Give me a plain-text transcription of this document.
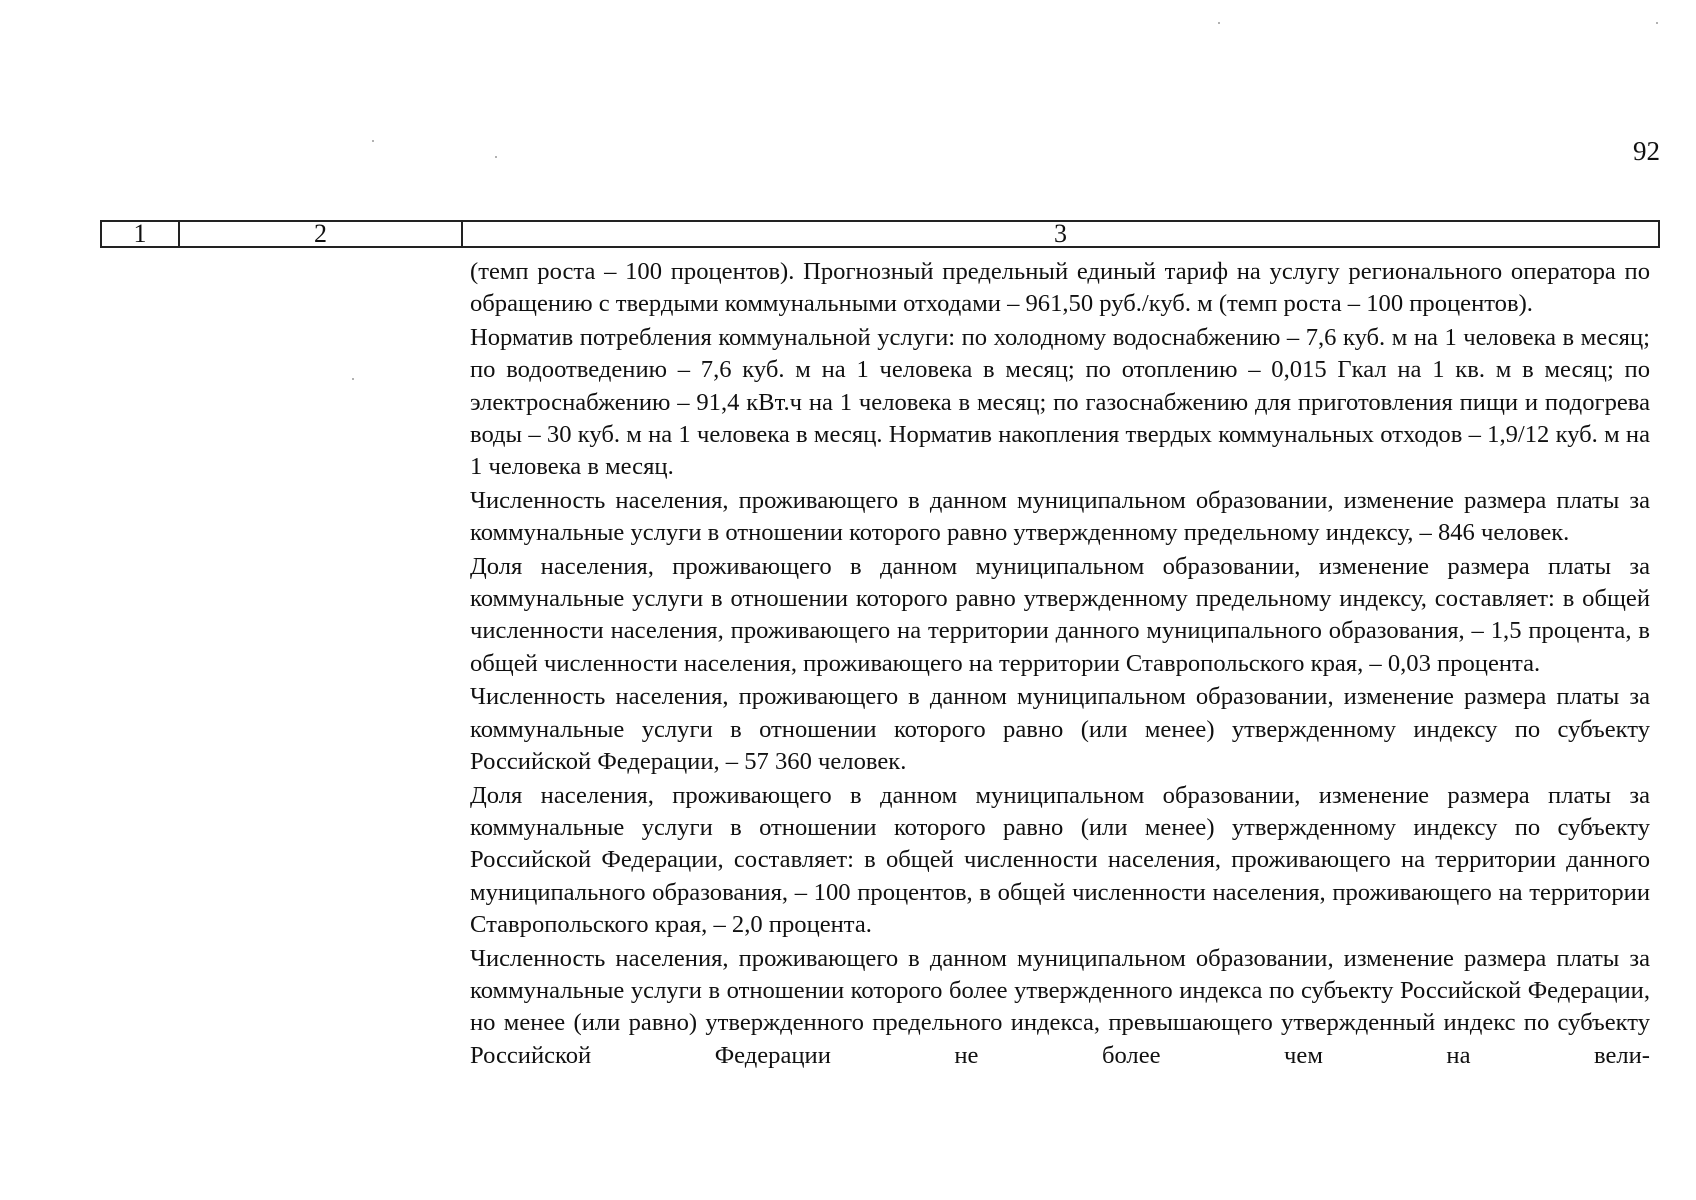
92
1	2	3

(темп роста – 100 процентов). Прогнозный предельный единый тариф на услугу регионального оператора по обращению с твердыми коммунальными отходами – 961,50 руб./куб. м (темп роста – 100 процентов).

Норматив потребления коммунальной услуги: по холодному водоснабжению – 7,6 куб. м на 1 человека в месяц; по водоотведению – 7,6 куб. м на 1 человека в месяц; по отоплению – 0,015 Гкал на 1 кв. м в месяц; по электроснабжению – 91,4 кВт.ч на 1 человека в месяц; по газоснабжению для приготовления пищи и подогрева воды – 30 куб. м на 1 человека в месяц. Норматив накопления твердых коммунальных отходов – 1,9/12 куб. м на 1 человека в месяц.

Численность населения, проживающего в данном муниципальном образовании, изменение размера платы за коммунальные услуги в отношении которого равно утвержденному предельному индексу, – 846 человек.

Доля населения, проживающего в данном муниципальном образовании, изменение размера платы за коммунальные услуги в отношении которого равно утвержденному предельному индексу, составляет: в общей численности населения, проживающего на территории данного муниципального образования, – 1,5 процента, в общей численности населения, проживающего на территории Ставропольского края, – 0,03 процента.

Численность населения, проживающего в данном муниципальном образовании, изменение размера платы за коммунальные услуги в отношении которого равно (или менее) утвержденному индексу по субъекту Российской Федерации, – 57 360 человек.

Доля населения, проживающего в данном муниципальном образовании, изменение размера платы за коммунальные услуги в отношении которого равно (или менее) утвержденному индексу по субъекту Российской Федерации, составляет: в общей численности населения, проживающего на территории данного муниципального образования, – 100 процентов, в общей численности населения, проживающего на территории Ставропольского края, – 2,0 процента.

Численность населения, проживающего в данном муниципальном образовании, изменение размера платы за коммунальные услуги в отношении которого более утвержденного индекса по субъекту Российской Федерации, но менее (или равно) утвержденного предельного индекса, превышающего утвержденный индекс по субъекту Российской Федерации не более чем на вели-
